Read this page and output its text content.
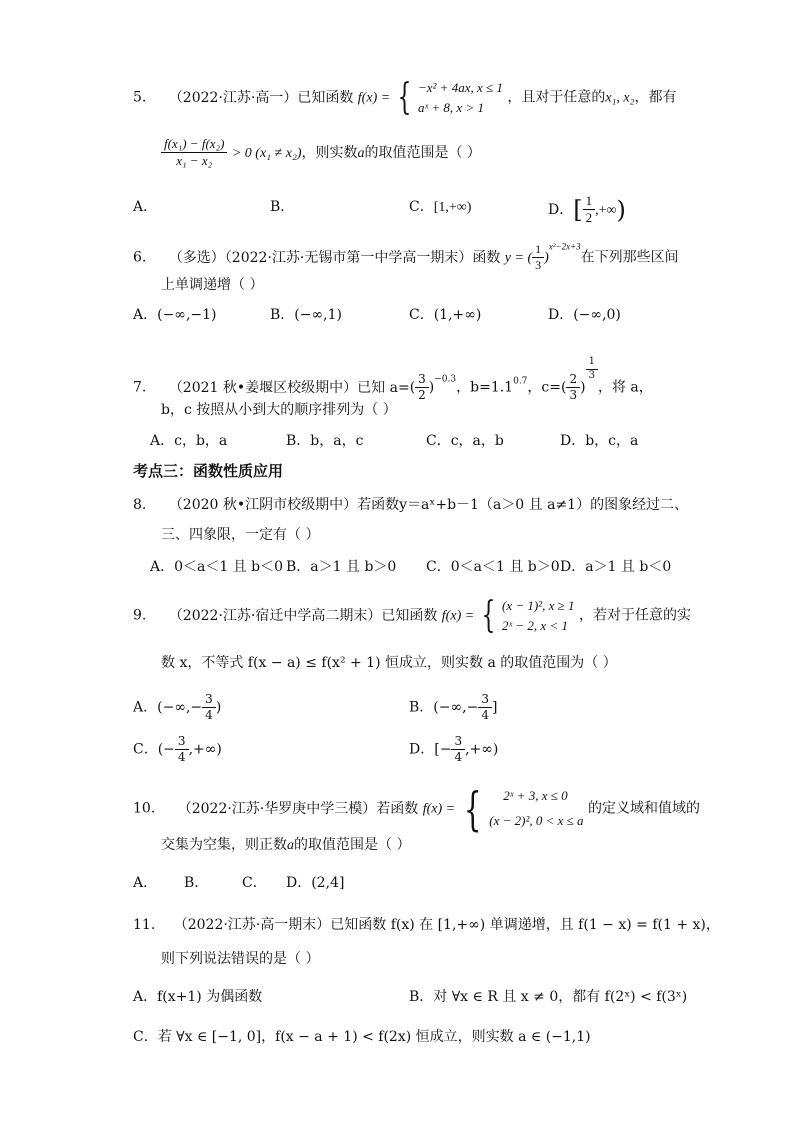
5. （2022·江苏·高一）已知函数 f(x) = { −x² + 4ax, x ≤ 1
aˣ + 8, x > 1
，且对于任意的x₁, x₂，都有
$\frac{\text{f(x₁) − f(x₂)}}{\text{x₁ − x₂}} > 0$ (x₁ ≠ x₂)，则实数a的取值范围是（ ）
A．	B．	C．[1,+∞)	D．[ $\frac{1}{2}$ ,+∞)
6. （多选）（2022·江苏·无锡市第一中学高一期末）函数 y = ( $\frac{1}{3} )^{x^2-2x+3}$在下列那些区间
上单调递增（ ）
A．(−∞,−1)	B．(−∞,1)	C．(1,+∞)	D．(−∞,0)
7. （2021 秋•姜堰区校级期中）已知 $a=( \frac{3}{2} )^{-0.3}$，$b=1.1^{0.7}$，$c=( \frac{2}{3}$ )
$\frac{1}{3}$
，将 a，
b，c 按照从小到大的顺序排列为（ ）
A．c，b，a	B．b，a，c	C．c，a，b	D．b，c，a
考点三：函数性质应用
8. （2020 秋•江阴市校级期中）若函数y＝aˣ+b－1（a＞0 且 a≠1）的图象经过二、
三、四象限，一定有（ ）
A．0＜a＜1 且 b＜0 B．a＞1 且 b＞0 C．0＜a＜1 且 b＞0 D．a＞1 且 b＜0
9. （2022·江苏·宿迁中学高二期末）已知函数 f(x) = { (x − 1)², x ≥ 1
2ˣ − 2, x < 1
，若对于任意的实
数 x，不等式 f(x − a) ≤ f(x² + 1) 恒成立，则实数 a 的取值范围为（ ）
A．(−∞,− $\frac{3}{4}$ )	B．(−∞,− $\frac{3}{4}$ ]
C．(− $\frac{3}{4}$ ,+∞)	D．[− $\frac{3}{4}$ ,+∞)
10. （2022·江苏·华罗庚中学三模）若函数 f(x) = {	2ˣ + 3, x ≤ 0
(x − 2)², 0 < x ≤ a
的定义域和值域的
交集为空集，则正数a的取值范围是（ ）
A． B． C． D．(2,4]
11. （2022·江苏·高一期末）已知函数 f(x) 在 [1,+∞) 单调递增，且 f(1 − x) = f(1 + x)，
则下列说法错误的是（ ）
A．f(x+1) 为偶函数	B．对 ∀x ∈ R 且 x ≠ 0，都有 f(2ˣ) < f(3ˣ)
C．若 ∀x ∈ [−1, 0]，f(x − a + 1) < f(2x) 恒成立，则实数 a ∈ (−1,1)
